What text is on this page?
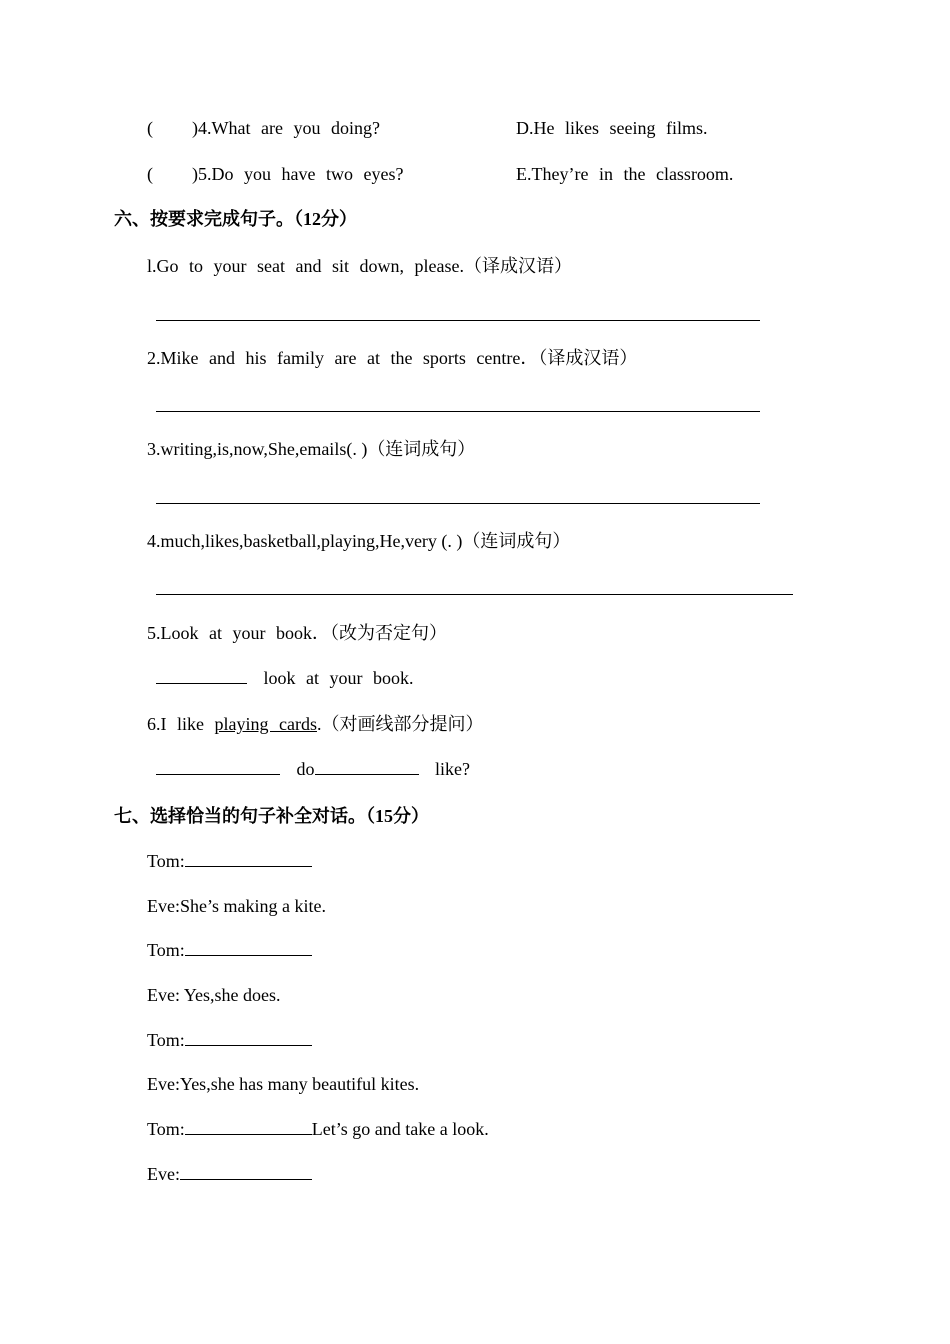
( )4.What are you doing?	D.He likes seeing films.
( )5.Do you have two eyes?	E.They’re in the classroom.
六、按要求完成句子。（12分）
l.Go to your seat and sit down, please.（译成汉语）
2.Mike and his family are at the sports centre．（译成汉语）
3.writing,is,now,She,emails(. )（连词成句）
4.much,likes,basketball,playing,He,very (. )（连词成句）
5.Look at your book．（改为否定句）
look at your book.
6.I like playing cards.（对画线部分提问）
do	like?
七、选择恰当的句子补全对话。（15分）
Tom:
Eve:She’s making a kite.
Tom:
Eve: Yes,she does.
Tom:
Eve:Yes,she has many beautiful kites.
Tom:	Let’s go and take a look.
Eve:
